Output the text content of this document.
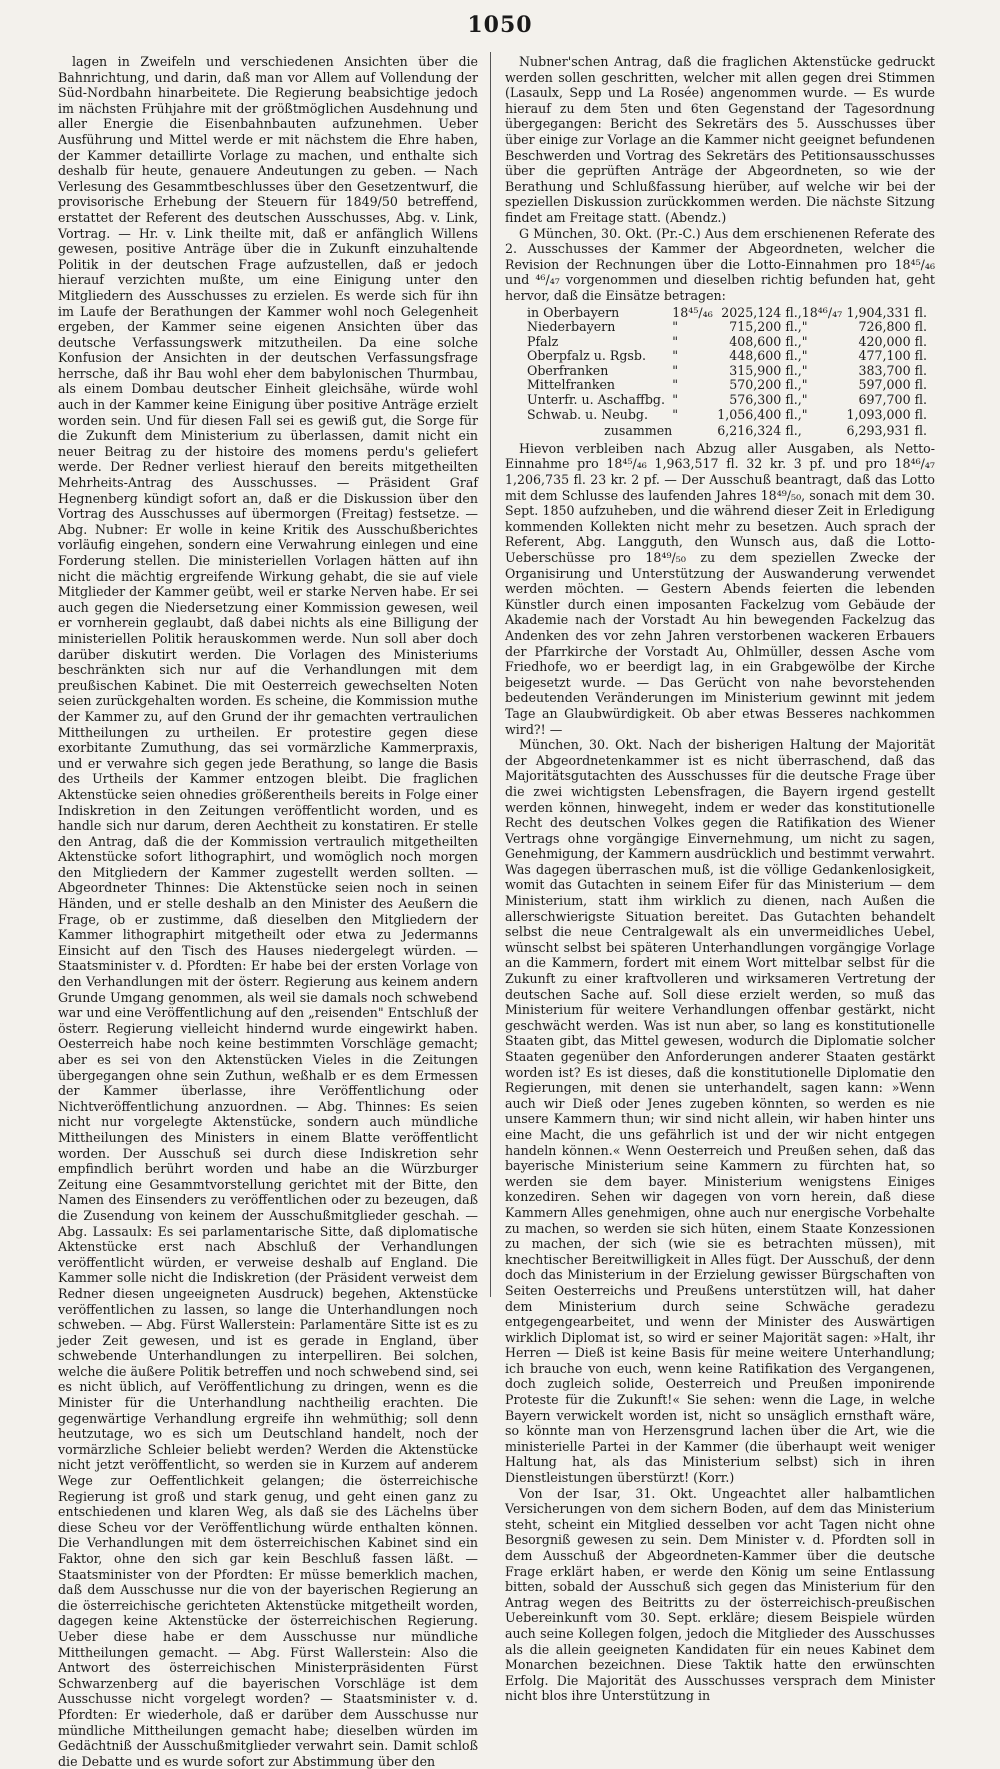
1050

lagen in Zweifeln und verschiedenen Ansichten über die Bahnrichtung, und darin, daß man vor Allem auf Vollendung der Süd-Nordbahn hinarbeitete. Die Regierung beabsichtige jedoch im nächsten Frühjahre mit der größtmöglichen Ausdehnung und aller Energie die Eisenbahnbauten aufzunehmen. Ueber Ausführung und Mittel werde er mit nächstem die Ehre haben, der Kammer detaillirte Vorlage zu machen, und enthalte sich deshalb für heute, genauere Andeutungen zu geben. — Nach Verlesung des Gesammtbeschlusses über den Gesetzentwurf, die provisorische Erhebung der Steuern für 1849/50 betreffend, erstattet der Referent des deutschen Ausschusses, Abg. v. Link, Vortrag. — Hr. v. Link theilte mit, daß er anfänglich Willens gewesen, positive Anträge über die in Zukunft einzuhaltende Politik in der deutschen Frage aufzustellen, daß er jedoch hierauf verzichten mußte, um eine Einigung unter den Mitgliedern des Ausschusses zu erzielen. Es werde sich für ihn im Laufe der Berathungen der Kammer wohl noch Gelegenheit ergeben, der Kammer seine eigenen Ansichten über das deutsche Verfassungswerk mitzutheilen. Da eine solche Konfusion der Ansichten in der deutschen Verfassungsfrage herrsche, daß ihr Bau wohl eher dem babylonischen Thurmbau, als einem Dombau deutscher Einheit gleichsähe, würde wohl auch in der Kammer keine Einigung über positive Anträge erzielt worden sein. Und für diesen Fall sei es gewiß gut, die Sorge für die Zukunft dem Ministerium zu überlassen, damit nicht ein neuer Beitrag zu der histoire des momens perdu's geliefert werde. Der Redner verliest hierauf den bereits mitgetheilten Mehrheits-Antrag des Ausschusses. — Präsident Graf Hegnenberg kündigt sofort an, daß er die Diskussion über den Vortrag des Ausschusses auf übermorgen (Freitag) festsetze. — Abg. Nubner: Er wolle in keine Kritik des Ausschußberichtes vorläufig eingehen, sondern eine Verwahrung einlegen und eine Forderung stellen. Die ministeriellen Vorlagen hätten auf ihn nicht die mächtig ergreifende Wirkung gehabt, die sie auf viele Mitglieder der Kammer geübt, weil er starke Nerven habe. Er sei auch gegen die Niedersetzung einer Kommission gewesen, weil er vornherein geglaubt, daß dabei nichts als eine Billigung der ministeriellen Politik herauskommen werde. Nun soll aber doch darüber diskutirt werden. Die Vorlagen des Ministeriums beschränkten sich nur auf die Verhandlungen mit dem preußischen Kabinet. Die mit Oesterreich gewechselten Noten seien zurückgehalten worden. Es scheine, die Kommission muthe der Kammer zu, auf den Grund der ihr gemachten vertraulichen Mittheilungen zu urtheilen. Er protestire gegen diese exorbitante Zumuthung, das sei vormärzliche Kammerpraxis, und er verwahre sich gegen jede Berathung, so lange die Basis des Urtheils der Kammer entzogen bleibt. Die fraglichen Aktenstücke seien ohnedies größerentheils bereits in Folge einer Indiskretion in den Zeitungen veröffentlicht worden, und es handle sich nur darum, deren Aechtheit zu konstatiren. Er stelle den Antrag, daß die der Kommission vertraulich mitgetheilten Aktenstücke sofort lithographirt, und womöglich noch morgen den Mitgliedern der Kammer zugestellt werden sollten. — Abgeordneter Thinnes: Die Aktenstücke seien noch in seinen Händen, und er stelle deshalb an den Minister des Aeußern die Frage, ob er zustimme, daß dieselben den Mitgliedern der Kammer lithographirt mitgetheilt oder etwa zu Jedermanns Einsicht auf den Tisch des Hauses niedergelegt würden. — Staatsminister v. d. Pfordten: Er habe bei der ersten Vorlage von den Verhandlungen mit der österr. Regierung aus keinem andern Grunde Umgang genommen, als weil sie damals noch schwebend war und eine Veröffentlichung auf den „reisenden" Entschluß der österr. Regierung vielleicht hindernd wurde eingewirkt haben. Oesterreich habe noch keine bestimmten Vorschläge gemacht; aber es sei von den Aktenstücken Vieles in die Zeitungen übergegangen ohne sein Zuthun, weßhalb er es dem Ermessen der Kammer überlasse, ihre Veröffentlichung oder Nichtveröffentlichung anzuordnen. — Abg. Thinnes: Es seien nicht nur vorgelegte Aktenstücke, sondern auch mündliche Mittheilungen des Ministers in einem Blatte veröffentlicht worden. Der Ausschuß sei durch diese Indiskretion sehr empfindlich berührt worden und habe an die Würzburger Zeitung eine Gesammtvorstellung gerichtet mit der Bitte, den Namen des Einsenders zu veröffentlichen oder zu bezeugen, daß die Zusendung von keinem der Ausschußmitglieder geschah. — Abg. Lassaulx: Es sei parlamentarische Sitte, daß diplomatische Aktenstücke erst nach Abschluß der Verhandlungen veröffentlicht würden, er verweise deshalb auf England. Die Kammer solle nicht die Indiskretion (der Präsident verweist dem Redner diesen ungeeigneten Ausdruck) begehen, Aktenstücke veröffentlichen zu lassen, so lange die Unterhandlungen noch schweben. — Abg. Fürst Wallerstein: Parlamentäre Sitte ist es zu jeder Zeit gewesen, und ist es gerade in England, über schwebende Unterhandlungen zu interpelliren. Bei solchen, welche die äußere Politik betreffen und noch schwebend sind, sei es nicht üblich, auf Veröffentlichung zu dringen, wenn es die Minister für die Unterhandlung nachtheilig erachten. Die gegenwärtige Verhandlung ergreife ihn wehmüthig; soll denn heutzutage, wo es sich um Deutschland handelt, noch der vormärzliche Schleier beliebt werden? Werden die Aktenstücke nicht jetzt veröffentlicht, so werden sie in Kurzem auf anderem Wege zur Oeffentlichkeit gelangen; die österreichische Regierung ist groß und stark genug, und geht einen ganz zu entschiedenen und klaren Weg, als daß sie des Lächelns über diese Scheu vor der Veröffentlichung würde enthalten können. Die Verhandlungen mit dem österreichischen Kabinet sind ein Faktor, ohne den sich gar kein Beschluß fassen läßt. — Staatsminister von der Pfordten: Er müsse bemerklich machen, daß dem Ausschusse nur die von der bayerischen Regierung an die österreichische gerichteten Aktenstücke mitgetheilt worden, dagegen keine Aktenstücke der österreichischen Regierung. Ueber diese habe er dem Ausschusse nur mündliche Mittheilungen gemacht. — Abg. Fürst Wallerstein: Also die Antwort des österreichischen Ministerpräsidenten Fürst Schwarzenberg auf die bayerischen Vorschläge ist dem Ausschusse nicht vorgelegt worden? — Staatsminister v. d. Pfordten: Er wiederhole, daß er darüber dem Ausschusse nur mündliche Mittheilungen gemacht habe; dieselben würden im Gedächtniß der Ausschußmitglieder verwahrt sein. Damit schloß die Debatte und es wurde sofort zur Abstimmung über den

Nubner'schen Antrag, daß die fraglichen Aktenstücke gedruckt werden sollen geschritten, welcher mit allen gegen drei Stimmen (Lasaulx, Sepp und La Rosée) angenommen wurde. — Es wurde hierauf zu dem 5ten und 6ten Gegenstand der Tagesordnung übergegangen: Bericht des Sekretärs des 5. Ausschusses über über einige zur Vorlage an die Kammer nicht geeignet befundenen Beschwerden und Vortrag des Sekretärs des Petitionsausschusses über die geprüften Anträge der Abgeordneten, so wie der Berathung und Schlußfassung hierüber, auf welche wir bei der speziellen Diskussion zurückkommen werden. Die nächste Sitzung findet am Freitage statt. (Abendz.)

G München, 30. Okt. (Pr.-C.) Aus dem erschienenen Referate des 2. Ausschusses der Kammer der Abgeordneten, welcher die Revision der Rechnungen über die Lotto-Einnahmen pro 18⁴⁵/₄₆ und ⁴⁶/₄₇ vorgenommen und dieselben richtig befunden hat, geht hervor, daß die Einsätze betragen:

in Oberbayern	18⁴⁵/₄₆	2025,124 fl.,	18⁴⁶/₄₇	1,904,331 fl.
Niederbayern	"	715,200 fl.,	"	726,800 fl.
Pfalz	"	408,600 fl.,	"	420,000 fl.
Oberpfalz u. Rgsb.	"	448,600 fl.,	"	477,100 fl.
Oberfranken	"	315,900 fl.,	"	383,700 fl.
Mittelfranken	"	570,200 fl.,	"	597,000 fl.
Unterfr. u. Aschaffbg.	"	576,300 fl.,	"	697,700 fl.
Schwab. u. Neubg.	"	1,056,400 fl.,	"	1,093,000 fl.
zusammen		6,216,324 fl.,		6,293,931 fl.

Hievon verbleiben nach Abzug aller Ausgaben, als Netto-Einnahme pro 18⁴⁵/₄₆ 1,963,517 fl. 32 kr. 3 pf. und pro 18⁴⁶/₄₇ 1,206,735 fl. 23 kr. 2 pf. — Der Ausschuß beantragt, daß das Lotto mit dem Schlusse des laufenden Jahres 18⁴⁹/₅₀, sonach mit dem 30. Sept. 1850 aufzuheben, und die während dieser Zeit in Erledigung kommenden Kollekten nicht mehr zu besetzen. Auch sprach der Referent, Abg. Langguth, den Wunsch aus, daß die Lotto-Ueberschüsse pro 18⁴⁹/₅₀ zu dem speziellen Zwecke der Organisirung und Unterstützung der Auswanderung verwendet werden möchten. — Gestern Abends feierten die lebenden Künstler durch einen imposanten Fackelzug vom Gebäude der Akademie nach der Vorstadt Au hin bewegenden Fackelzug das Andenken des vor zehn Jahren verstorbenen wackeren Erbauers der Pfarrkirche der Vorstadt Au, Ohlmüller, dessen Asche vom Friedhofe, wo er beerdigt lag, in ein Grabgewölbe der Kirche beigesetzt wurde. — Das Gerücht von nahe bevorstehenden bedeutenden Veränderungen im Ministerium gewinnt mit jedem Tage an Glaubwürdigkeit. Ob aber etwas Besseres nachkommen wird?! —

München, 30. Okt. Nach der bisherigen Haltung der Majorität der Abgeordnetenkammer ist es nicht überraschend, daß das Majoritätsgutachten des Ausschusses für die deutsche Frage über die zwei wichtigsten Lebensfragen, die Bayern irgend gestellt werden können, hinwegeht, indem er weder das konstitutionelle Recht des deutschen Volkes gegen die Ratifikation des Wiener Vertrags ohne vorgängige Einvernehmung, um nicht zu sagen, Genehmigung, der Kammern ausdrücklich und bestimmt verwahrt. Was dagegen überraschen muß, ist die völlige Gedankenlosigkeit, womit das Gutachten in seinem Eifer für das Ministerium — dem Ministerium, statt ihm wirklich zu dienen, nach Außen die allerschwierigste Situation bereitet. Das Gutachten behandelt selbst die neue Centralgewalt als ein unvermeidliches Uebel, wünscht selbst bei späteren Unterhandlungen vorgängige Vorlage an die Kammern, fordert mit einem Wort mittelbar selbst für die Zukunft zu einer kraftvolleren und wirksameren Vertretung der deutschen Sache auf. Soll diese erzielt werden, so muß das Ministerium für weitere Verhandlungen offenbar gestärkt, nicht geschwächt werden. Was ist nun aber, so lang es konstitutionelle Staaten gibt, das Mittel gewesen, wodurch die Diplomatie solcher Staaten gegenüber den Anforderungen anderer Staaten gestärkt worden ist? Es ist dieses, daß die konstitutionelle Diplomatie den Regierungen, mit denen sie unterhandelt, sagen kann: »Wenn auch wir Dieß oder Jenes zugeben könnten, so werden es nie unsere Kammern thun; wir sind nicht allein, wir haben hinter uns eine Macht, die uns gefährlich ist und der wir nicht entgegen handeln können.« Wenn Oesterreich und Preußen sehen, daß das bayerische Ministerium seine Kammern zu fürchten hat, so werden sie dem bayer. Ministerium wenigstens Einiges konzediren. Sehen wir dagegen von vorn herein, daß diese Kammern Alles genehmigen, ohne auch nur energische Vorbehalte zu machen, so werden sie sich hüten, einem Staate Konzessionen zu machen, der sich (wie sie es betrachten müssen), mit knechtischer Bereitwilligkeit in Alles fügt. Der Ausschuß, der denn doch das Ministerium in der Erzielung gewisser Bürgschaften von Seiten Oesterreichs und Preußens unterstützen will, hat daher dem Ministerium durch seine Schwäche geradezu entgegengearbeitet, und wenn der Minister des Auswärtigen wirklich Diplomat ist, so wird er seiner Majorität sagen: »Halt, ihr Herren — Dieß ist keine Basis für meine weitere Unterhandlung; ich brauche von euch, wenn keine Ratifikation des Vergangenen, doch zugleich solide, Oesterreich und Preußen imponirende Proteste für die Zukunft!« Sie sehen: wenn die Lage, in welche Bayern verwickelt worden ist, nicht so unsäglich ernsthaft wäre, so könnte man von Herzensgrund lachen über die Art, wie die ministerielle Partei in der Kammer (die überhaupt weit weniger Haltung hat, als das Ministerium selbst) sich in ihren Dienstleistungen überstürzt! (Korr.)

Von der Isar, 31. Okt. Ungeachtet aller halbamtlichen Versicherungen von dem sichern Boden, auf dem das Ministerium steht, scheint ein Mitglied desselben vor acht Tagen nicht ohne Besorgniß gewesen zu sein. Dem Minister v. d. Pfordten soll in dem Ausschuß der Abgeordneten-Kammer über die deutsche Frage erklärt haben, er werde den König um seine Entlassung bitten, sobald der Ausschuß sich gegen das Ministerium für den Antrag wegen des Beitritts zu der österreichisch-preußischen Uebereinkunft vom 30. Sept. erkläre; diesem Beispiele würden auch seine Kollegen folgen, jedoch die Mitglieder des Ausschusses als die allein geeigneten Kandidaten für ein neues Kabinet dem Monarchen bezeichnen. Diese Taktik hatte den erwünschten Erfolg. Die Majorität des Ausschusses versprach dem Minister nicht blos ihre Unterstützung in
